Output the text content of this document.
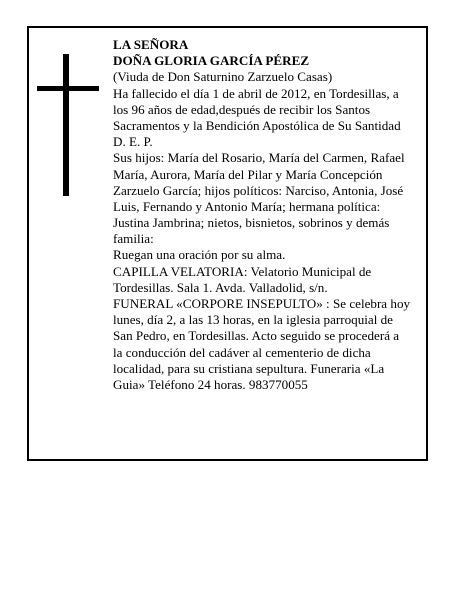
LA SEÑORA
DOÑA GLORIA GARCÍA PÉREZ
(Viuda de Don Saturnino Zarzuelo Casas)
Ha fallecido el día 1 de abril de 2012, en Tordesillas, a
los 96 años de edad,después de recibir los Santos
Sacramentos y la Bendición Apostólica de Su Santidad
D. E. P.
Sus hijos: María del Rosario, María del Carmen, Rafael
María, Aurora, María del Pilar y María Concepción
Zarzuelo García; hijos políticos: Narciso, Antonia, José
Luis, Fernando y Antonio María; hermana política:
Justina Jambrina; nietos, bisnietos, sobrinos y demás
familia:
Ruegan una oración por su alma.
CAPILLA VELATORIA: Velatorio Municipal de
Tordesillas. Sala 1. Avda. Valladolid, s/n.
FUNERAL «CORPORE INSEPULTO» : Se celebra hoy
lunes, día 2, a las 13 horas, en la iglesia parroquial de
San Pedro, en Tordesillas. Acto seguido se procederá a
la conducción del cadáver al cementerio de dicha
localidad, para su cristiana sepultura. Funeraria «La
Guia» Teléfono 24 horas. 983770055
